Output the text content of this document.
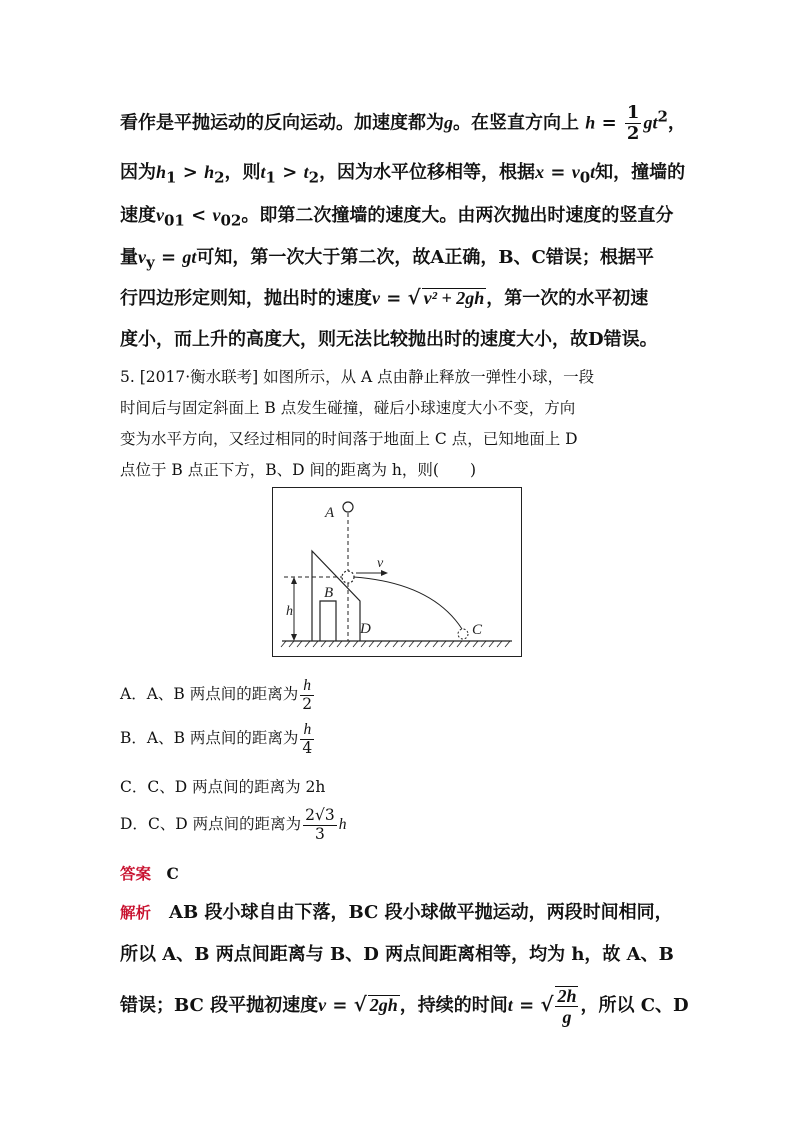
看作是平抛运动的反向运动。加速度都为g。在竖直方向上 $h = \frac{1}{2} gt^2$，
因为$h_1 > h_2$，则$t_1 > t_2$，因为水平位移相等，根据$x = v_0t$知，撞墙的
速度$v_{01} < v_{02}$。即第二次撞墙的速度大。由两次抛出时速度的竖直分
量$v_y$ = gt可知，第一次大于第二次，故A正确，B、C错误；根据平
行四边形定则知，抛出时的速度v = √ v² + 2gh ，第一次的水平初速
度小，而上升的高度大，则无法比较抛出时的速度大小，故D错误。
5. [2017·衡水联考] 如图所示，从 A 点由静止释放一弹性小球，一段
时间后与固定斜面上 B 点发生碰撞，碰后小球速度大小不变，方向
变为水平方向，又经过相同的时间落于地面上 C 点，已知地面上 D
点位于 B 点正下方，B、D 间的距离为 h，则(　　)
h
A
B
v
C
D
A．A、B 两点间的距离为 $\frac{h}{2}$
B．A、B 两点间的距离为 $\frac{h}{4}$
C．C、D 两点间的距离为 2h
D．C、D 两点间的距离为 $\frac{2√3}{3}$ h
答案　 C
解析　 AB 段小球自由下落，BC 段小球做平抛运动，两段时间相同，
所以 A、B 两点间距离与 B、D 两点间距离相等，均为 h，故 A、B
错误；BC 段平抛初速度v = √ 2gh ，持续的时间t = √ $\frac{2h}{g}$ ，所以 C、D
